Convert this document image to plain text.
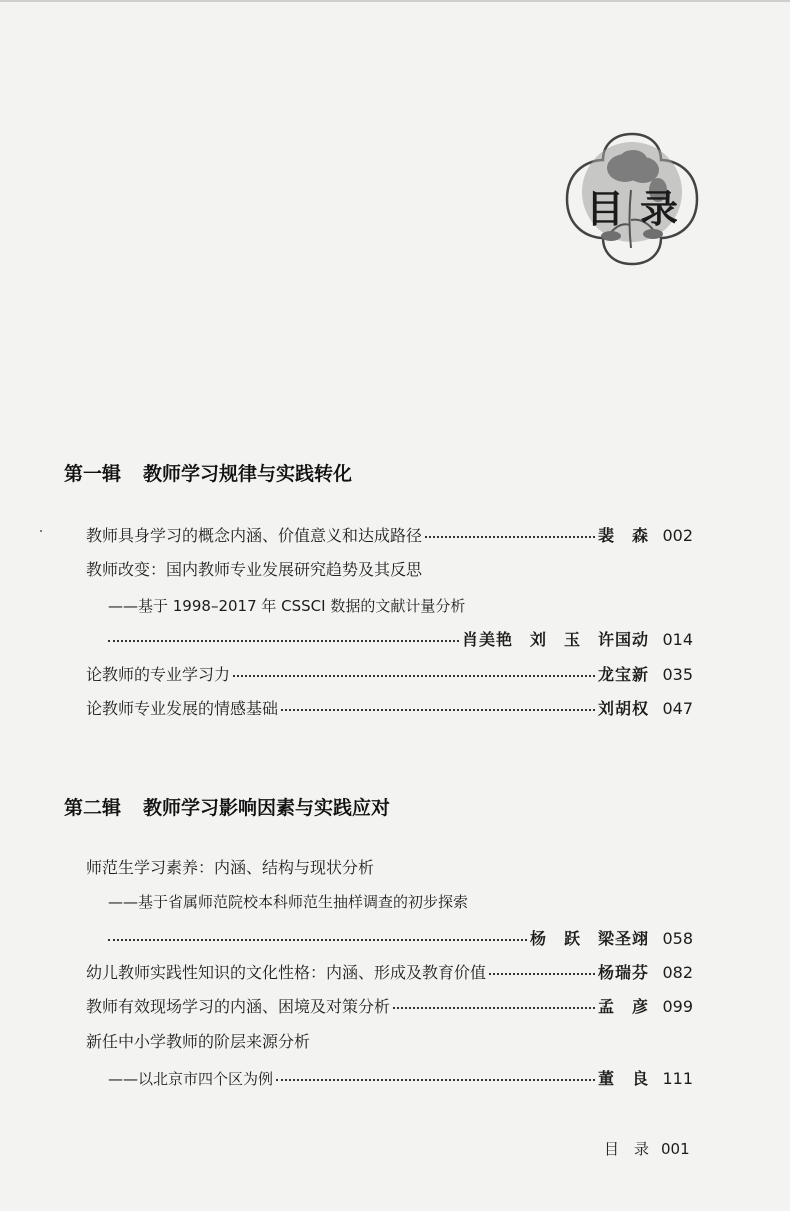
目录
第一辑 教师学习规律与实践转化
教师具身学习的概念内涵、价值意义和达成路径	裴　森 002
教师改变：国内教师专业发展研究趋势及其反思
——基于 1998–2017 年 CSSCI 数据的文献计量分析
肖美艳　刘　玉　许国动 014
论教师的专业学习力	龙宝新 035
论教师专业发展的情感基础	刘胡权 047
第二辑 教师学习影响因素与实践应对
师范生学习素养：内涵、结构与现状分析
——基于省属师范院校本科师范生抽样调查的初步探索
杨　跃　梁圣翊 058
幼儿教师实践性知识的文化性格：内涵、形成及教育价值	杨瑞芬 082
教师有效现场学习的内涵、困境及对策分析	孟　彦 099
新任中小学教师的阶层来源分析
——以北京市四个区为例	董　良 111
目　录 001
